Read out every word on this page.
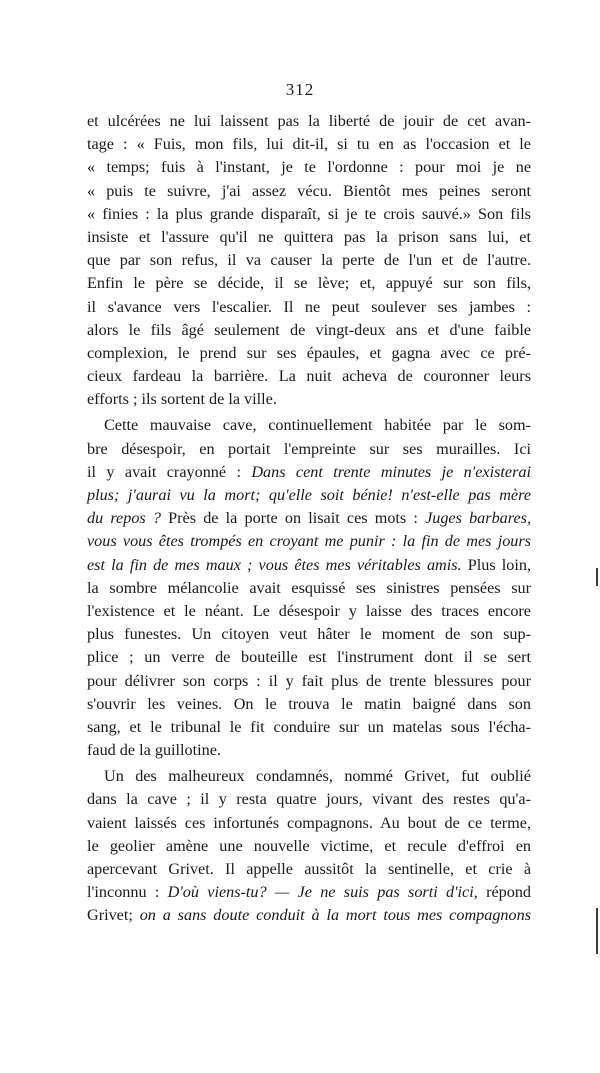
312
et ulcérées ne lui laissent pas la liberté de jouir de cet avan-
tage : « Fuis, mon fils, lui dit-il, si tu en as l'occasion et le
« temps; fuis à l'instant, je te l'ordonne : pour moi je ne
« puis te suivre, j'ai assez vécu. Bientôt mes peines seront
« finies : la plus grande disparaît, si je te crois sauvé.» Son fils
insiste et l'assure qu'il ne quittera pas la prison sans lui, et
que par son refus, il va causer la perte de l'un et de l'autre.
Enfin le père se décide, il se lève; et, appuyé sur son fils,
il s'avance vers l'escalier. Il ne peut soulever ses jambes :
alors le fils âgé seulement de vingt-deux ans et d'une faible
complexion, le prend sur ses épaules, et gagna avec ce pré-
cieux fardeau la barrière. La nuit acheva de couronner leurs
efforts ; ils sortent de la ville.
Cette mauvaise cave, continuellement habitée par le som-
bre désespoir, en portait l'empreinte sur ses murailles. Ici
il y avait crayonné : Dans cent trente minutes je n'existerai
plus; j'aurai vu la mort; qu'elle soit bénie! n'est-elle pas mère
du repos ? Près de la porte on lisait ces mots : Juges barbares,
vous vous êtes trompés en croyant me punir : la fin de mes jours
est la fin de mes maux ; vous êtes mes véritables amis. Plus loin,
la sombre mélancolie avait esquissé ses sinistres pensées sur
l'existence et le néant. Le désespoir y laisse des traces encore
plus funestes. Un citoyen veut hâter le moment de son sup-
plice ; un verre de bouteille est l'instrument dont il se sert
pour délivrer son corps : il y fait plus de trente blessures pour
s'ouvrir les veines. On le trouva le matin baigné dans son
sang, et le tribunal le fit conduire sur un matelas sous l'écha-
faud de la guillotine.
Un des malheureux condamnés, nommé Grivet, fut oublié
dans la cave ; il y resta quatre jours, vivant des restes qu'a-
vaient laissés ces infortunés compagnons. Au bout de ce terme,
le geolier amène une nouvelle victime, et recule d'effroi en
apercevant Grivet. Il appelle aussitôt la sentinelle, et crie à
l'inconnu : D'où viens-tu? — Je ne suis pas sorti d'ici, répond
Grivet; on a sans doute conduit à la mort tous mes compagnons
